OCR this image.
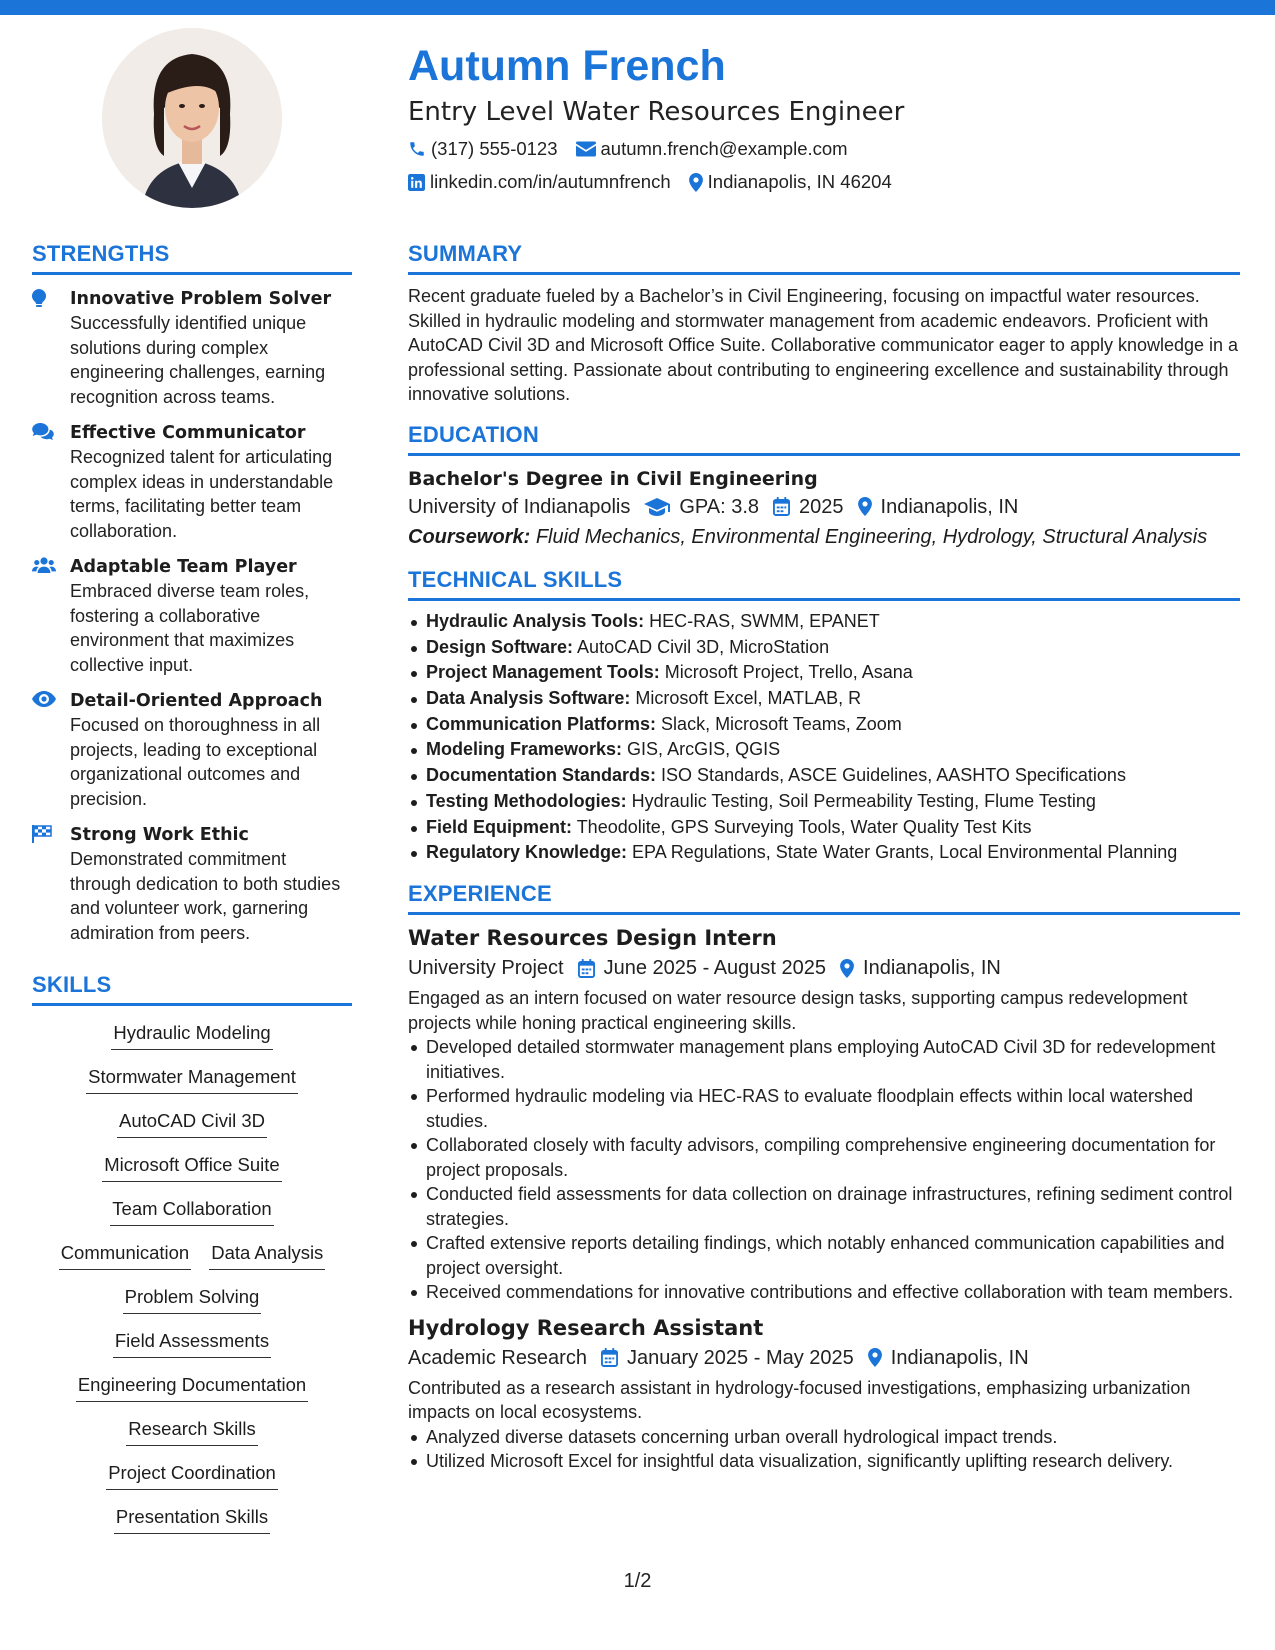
Autumn French
Entry Level Water Resources Engineer
(317) 555-0123 autumn.french@example.com
linkedin.com/in/autumnfrench Indianapolis, IN 46204
STRENGTHS
Innovative Problem Solver
Successfully identified unique solutions during complex engineering challenges, earning recognition across teams.
Effective Communicator
Recognized talent for articulating complex ideas in understandable terms, facilitating better team collaboration.
Adaptable Team Player
Embraced diverse team roles, fostering a collaborative environment that maximizes collective input.
Detail-Oriented Approach
Focused on thoroughness in all projects, leading to exceptional organizational outcomes and precision.
Strong Work Ethic
Demonstrated commitment through dedication to both studies and volunteer work, garnering admiration from peers.
SKILLS
Hydraulic Modeling
Stormwater Management
AutoCAD Civil 3D
Microsoft Office Suite
Team Collaboration
Communication Data Analysis
Problem Solving
Field Assessments
Engineering Documentation
Research Skills
Project Coordination
Presentation Skills
SUMMARY
Recent graduate fueled by a Bachelor’s in Civil Engineering, focusing on impactful water resources. Skilled in hydraulic modeling and stormwater management from academic endeavors. Proficient with AutoCAD Civil 3D and Microsoft Office Suite. Collaborative communicator eager to apply knowledge in a professional setting. Passionate about contributing to engineering excellence and sustainability through innovative solutions.
EDUCATION
Bachelor's Degree in Civil Engineering
University of Indianapolis GPA: 3.8 2025 Indianapolis, IN
Coursework: Fluid Mechanics, Environmental Engineering, Hydrology, Structural Analysis
TECHNICAL SKILLS
Hydraulic Analysis Tools: HEC-RAS, SWMM, EPANET
Design Software: AutoCAD Civil 3D, MicroStation
Project Management Tools: Microsoft Project, Trello, Asana
Data Analysis Software: Microsoft Excel, MATLAB, R
Communication Platforms: Slack, Microsoft Teams, Zoom
Modeling Frameworks: GIS, ArcGIS, QGIS
Documentation Standards: ISO Standards, ASCE Guidelines, AASHTO Specifications
Testing Methodologies: Hydraulic Testing, Soil Permeability Testing, Flume Testing
Field Equipment: Theodolite, GPS Surveying Tools, Water Quality Test Kits
Regulatory Knowledge: EPA Regulations, State Water Grants, Local Environmental Planning
EXPERIENCE
Water Resources Design Intern
University Project June 2025 - August 2025 Indianapolis, IN
Engaged as an intern focused on water resource design tasks, supporting campus redevelopment projects while honing practical engineering skills.
Developed detailed stormwater management plans employing AutoCAD Civil 3D for redevelopment initiatives.
Performed hydraulic modeling via HEC-RAS to evaluate floodplain effects within local watershed studies.
Collaborated closely with faculty advisors, compiling comprehensive engineering documentation for project proposals.
Conducted field assessments for data collection on drainage infrastructures, refining sediment control strategies.
Crafted extensive reports detailing findings, which notably enhanced communication capabilities and project oversight.
Received commendations for innovative contributions and effective collaboration with team members.
Hydrology Research Assistant
Academic Research January 2025 - May 2025 Indianapolis, IN
Contributed as a research assistant in hydrology-focused investigations, emphasizing urbanization impacts on local ecosystems.
Analyzed diverse datasets concerning urban overall hydrological impact trends.
Utilized Microsoft Excel for insightful data visualization, significantly uplifting research delivery.
1/2
